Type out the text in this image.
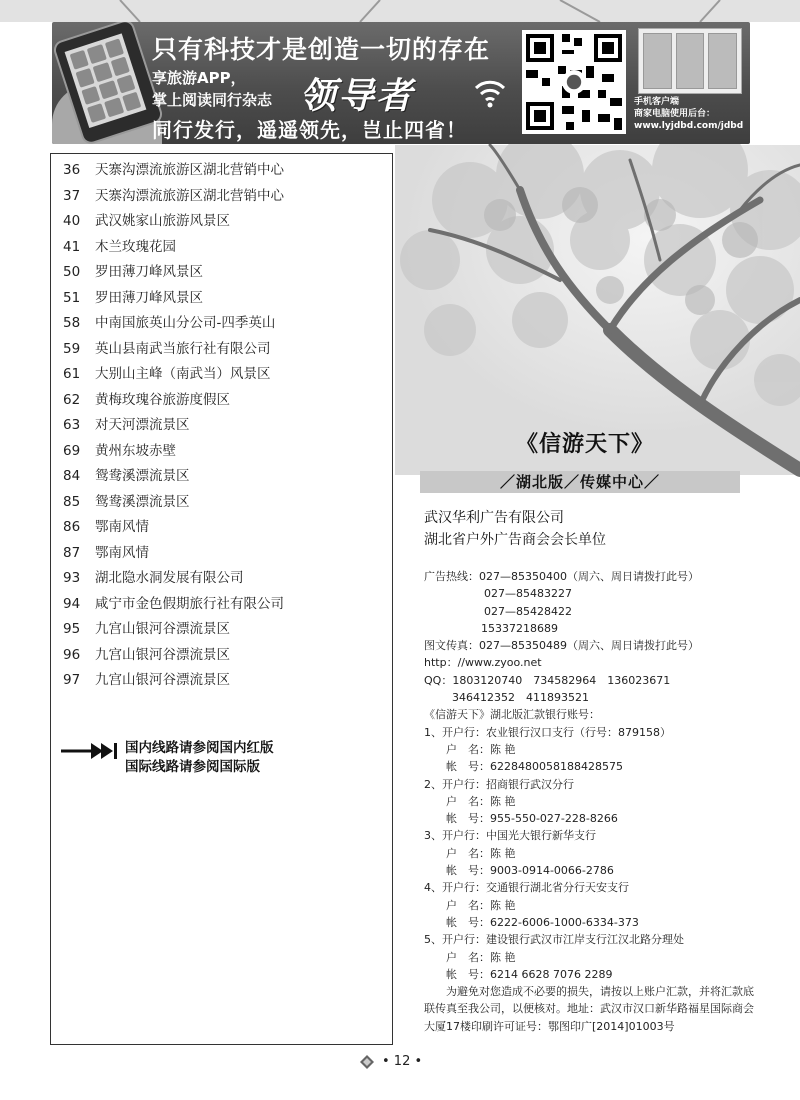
只有科技才是创造一切的存在
享旅游APP，
掌上阅读同行杂志 领导者
同行发行，遥遥领先，岂止四省！
手机客户端
商家电脑使用后台：
www.lyjdbd.com/jdbd
36 天寨沟漂流旅游区湖北营销中心
37 天寨沟漂流旅游区湖北营销中心
40 武汉姚家山旅游风景区
41 木兰玫瑰花园
50 罗田薄刀峰风景区
51 罗田薄刀峰风景区
58 中南国旅英山分公司-四季英山
59 英山县南武当旅行社有限公司
61 大别山主峰（南武当）风景区
62 黄梅玫瑰谷旅游度假区
63 对天河漂流景区
69 黄州东坡赤壁
84 鸳鸯溪漂流景区
85 鸳鸯溪漂流景区
86 鄂南风情
87 鄂南风情
93 湖北隐水洞发展有限公司
94 咸宁市金色假期旅行社有限公司
95 九宫山银河谷漂流景区
96 九宫山银河谷漂流景区
97 九宫山银河谷漂流景区
国内线路请参阅国内红版
国际线路请参阅国际版
《信游天下》
／湖北版／传媒中心／
武汉华利广告有限公司
湖北省户外广告商会会长单位
广告热线：027—85350400（周六、周日请拨打此号）
027—85483227
027—85428422
15337218689
图文传真：027—85350489（周六、周日请拨打此号）
http：//www.zyoo.net
QQ：1803120740　734582964　136023671
346412352　411893521
《信游天下》湖北版汇款银行账号：
1、开户行：农业银行汉口支行（行号：879158）
户　名：陈 艳
帐　号：6228480058188428575
2、开户行：招商银行武汉分行
户　名：陈 艳
帐　号：955-550-027-228-8266
3、开户行：中国光大银行新华支行
户　名：陈 艳
帐　号：9003-0914-0066-2786
4、开户行：交通银行湖北省分行天安支行
户　名：陈 艳
帐　号：6222-6006-1000-6334-373
5、开户行：建设银行武汉市江岸支行江汉北路分理处
户　名：陈 艳
帐　号：6214 6628 7076 2289
为避免对您造成不必要的损失，请按以上账户汇款，并将汇款底联传真至我公司，以便核对。地址：武汉市汉口新华路福星国际商会大厦17楼印刷许可证号：鄂图印广[2014]01003号
• 12 •
